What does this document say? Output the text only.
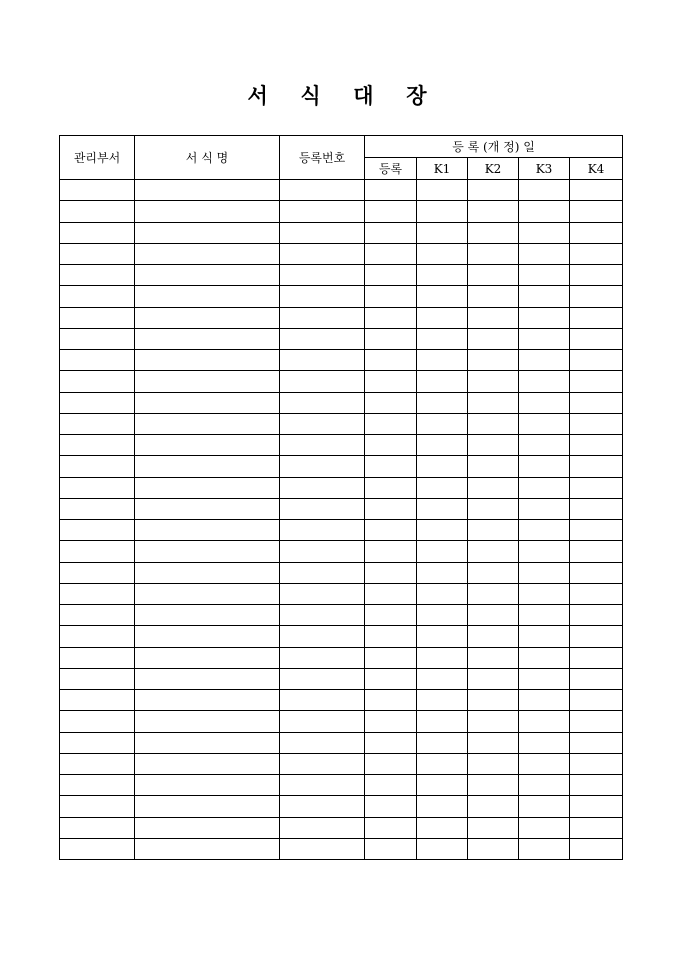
서  식  대  장
관리부서	서 식 명	등록번호	등 록 (개 정) 일				
			등록	K1	K2	K3	K4
